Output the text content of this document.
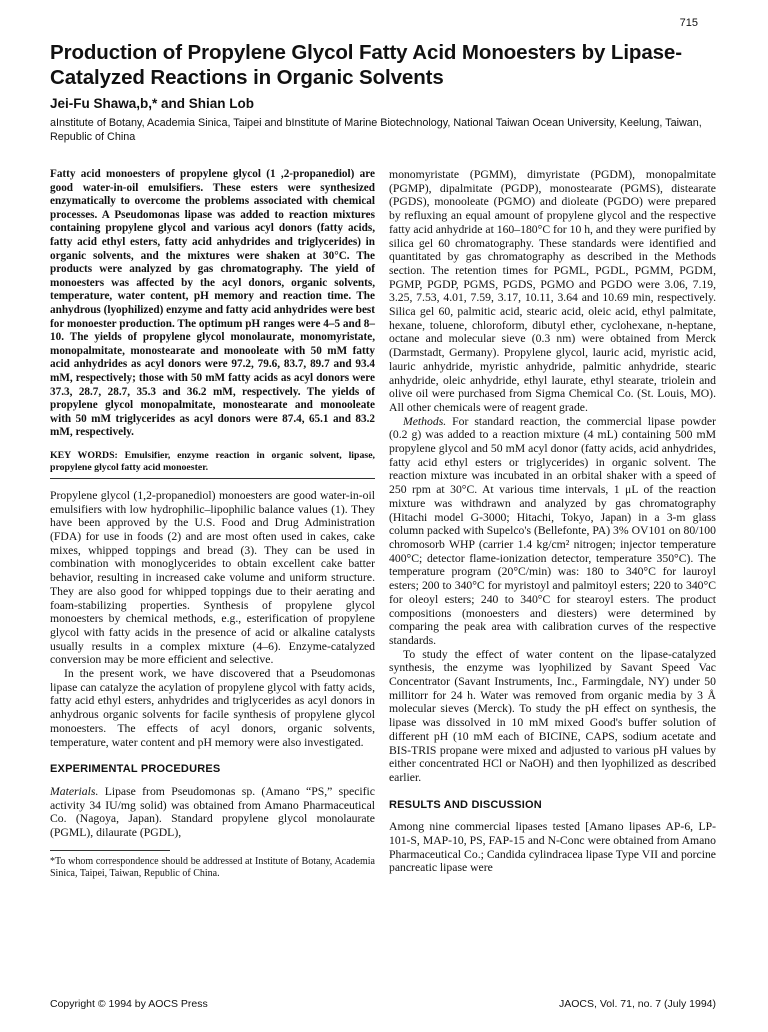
715
Production of Propylene Glycol Fatty Acid Monoesters by Lipase-Catalyzed Reactions in Organic Solvents
Jei-Fu Shawa,b,* and Shian Lob
aInstitute of Botany, Academia Sinica, Taipei and bInstitute of Marine Biotechnology, National Taiwan Ocean University, Keelung, Taiwan, Republic of China

Fatty acid monoesters of propylene glycol (1 ,2-propanediol) are good water-in-oil emulsifiers. These esters were synthesized enzymatically to overcome the problems associated with chemical processes. A Pseudomonas lipase was added to reaction mixtures containing propylene glycol and various acyl donors (fatty acids, fatty acid ethyl esters, fatty acid anhydrides and triglycerides) in organic solvents, and the mixtures were shaken at 30°C. The products were analyzed by gas chromatography. The yield of monoesters was affected by the acyl donors, organic solvents, temperature, water content, pH memory and reaction time. The anhydrous (lyophilized) enzyme and fatty acid anhydrides were best for monoester production. The optimum pH ranges were 4–5 and 8–10. The yields of propylene glycol monolaurate, monomyristate, monopalmitate, monostearate and monooleate with 50 mM fatty acid anhydrides as acyl donors were 97.2, 79.6, 83.7, 89.7 and 93.4 mM, respectively; those with 50 mM fatty acids as acyl donors were 37.3, 28.7, 28.7, 35.3 and 36.2 mM, respectively. The yields of propylene glycol monopalmitate, monostearate and monooleate with 50 mM triglycerides as acyl donors were 87.4, 65.1 and 83.2 mM, respectively.

KEY WORDS: Emulsifier, enzyme reaction in organic solvent, lipase, propylene glycol fatty acid monoester.

Propylene glycol (1,2-propanediol) monoesters are good water-in-oil emulsifiers with low hydrophilic–lipophilic balance values (1). They have been approved by the U.S. Food and Drug Administration (FDA) for use in foods (2) and are most often used in cakes, cake mixes, whipped toppings and bread (3). They can be used in combination with monoglycerides to obtain excellent cake batter behavior, resulting in increased cake volume and uniform structure. They are also good for whipped toppings due to their aerating and foam-stabilizing properties. Synthesis of propylene glycol monoesters by chemical methods, e.g., esterification of propylene glycol with fatty acids in the presence of acid or alkaline catalysts usually results in a complex mixture (4–6). Enzyme-catalyzed conversion may be more efficient and selective.

In the present work, we have discovered that a Pseudomonas lipase can catalyze the acylation of propylene glycol with fatty acids, fatty acid ethyl esters, anhydrides and triglycerides as acyl donors in anhydrous organic solvents for facile synthesis of propylene glycol monoesters. The effects of acyl donors, organic solvents, temperature, water content and pH memory were also investigated.

EXPERIMENTAL PROCEDURES

Materials. Lipase from Pseudomonas sp. (Amano “PS,” specific activity 34 IU/mg solid) was obtained from Amano Pharmaceutical Co. (Nagoya, Japan). Standard propylene glycol monolaurate (PGML), dilaurate (PGDL),

*To whom correspondence should be addressed at Institute of Botany, Academia Sinica, Taipei, Taiwan, Republic of China.

monomyristate (PGMM), dimyristate (PGDM), monopalmitate (PGMP), dipalmitate (PGDP), monostearate (PGMS), distearate (PGDS), monooleate (PGMO) and dioleate (PGDO) were prepared by refluxing an equal amount of propylene glycol and the respective fatty acid anhydride at 160–180°C for 10 h, and they were purified by silica gel 60 chromatography. These standards were identified and quantitated by gas chromatography as described in the Methods section. The retention times for PGML, PGDL, PGMM, PGDM, PGMP, PGDP, PGMS, PGDS, PGMO and PGDO were 3.06, 7.19, 3.25, 7.53, 4.01, 7.59, 3.17, 10.11, 3.64 and 10.69 min, respectively. Silica gel 60, palmitic acid, stearic acid, oleic acid, ethyl palmitate, hexane, toluene, chloroform, dibutyl ether, cyclohexane, n-heptane, octane and molecular sieve (0.3 nm) were obtained from Merck (Darmstadt, Germany). Propylene glycol, lauric acid, myristic acid, lauric anhydride, myristic anhydride, palmitic anhydride, stearic anhydride, oleic anhydride, ethyl laurate, ethyl stearate, triolein and olive oil were purchased from Sigma Chemical Co. (St. Louis, MO). All other chemicals were of reagent grade.

Methods. For standard reaction, the commercial lipase powder (0.2 g) was added to a reaction mixture (4 mL) containing 500 mM propylene glycol and 50 mM acyl donor (fatty acids, acid anhydrides, fatty acid ethyl esters or triglycerides) in organic solvent. The reaction mixture was incubated in an orbital shaker with a speed of 250 rpm at 30°C. At various time intervals, 1 μL of the reaction mixture was withdrawn and analyzed by gas chromatography (Hitachi model G-3000; Hitachi, Tokyo, Japan) in a 3-m glass column packed with Supelco's (Bellefonte, PA) 3% OV101 on 80/100 chromosorb WHP (carrier 1.4 kg/cm² nitrogen; injector temperature 400°C; detector flame-ionization detector, temperature 350°C). The temperature program (20°C/min) was: 180 to 340°C for lauroyl esters; 200 to 340°C for myristoyl and palmitoyl esters; 220 to 340°C for oleoyl esters; 240 to 340°C for stearoyl esters. The product compositions (monoesters and diesters) were determined by comparing the peak area with calibration curves of the respective standards.

To study the effect of water content on the lipase-catalyzed synthesis, the enzyme was lyophilized by Savant Speed Vac Concentrator (Savant Instruments, Inc., Farmingdale, NY) under 50 millitorr for 24 h. Water was removed from organic media by 3 Å molecular sieves (Merck). To study the pH effect on synthesis, the lipase was dissolved in 10 mM mixed Good's buffer solution of different pH (10 mM each of BICINE, CAPS, sodium acetate and BIS-TRIS propane were mixed and adjusted to various pH values by either concentrated HCl or NaOH) and then lyophilized as described earlier.

RESULTS AND DISCUSSION

Among nine commercial lipases tested [Amano lipases AP-6, LP-101-S, MAP-10, PS, FAP-15 and N-Conc were obtained from Amano Pharmaceutical Co.; Candida cylindracea lipase Type VII and porcine pancreatic lipase were

Copyright © 1994 by AOCS Press	JAOCS, Vol. 71, no. 7 (July 1994)
